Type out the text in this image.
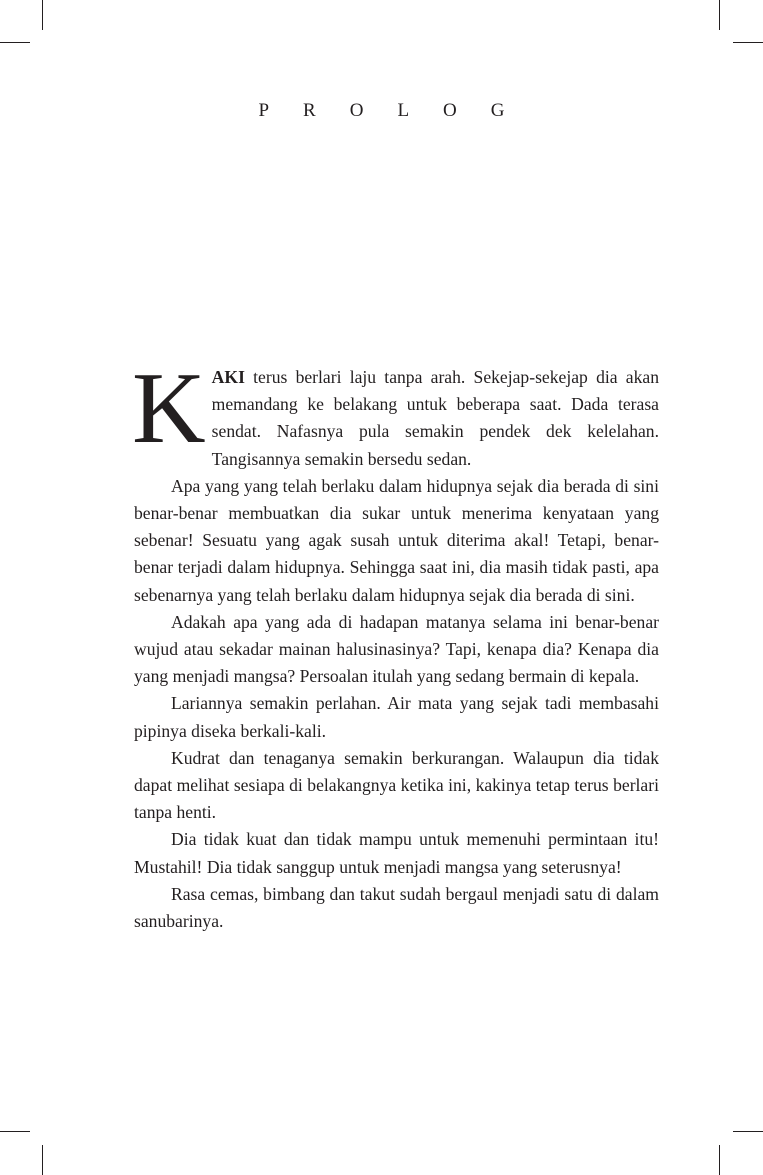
PROLOG

KAKI terus berlari laju tanpa arah. Sekejap-sekejap dia akan memandang ke belakang untuk beberapa saat. Dada terasa sendat. Nafasnya pula semakin pendek dek kelelahan. Tangisannya semakin bersedu sedan.

Apa yang yang telah berlaku dalam hidupnya sejak dia berada di sini benar-benar membuatkan dia sukar untuk menerima kenyataan yang sebenar! Sesuatu yang agak susah untuk diterima akal! Tetapi, benar-benar terjadi dalam hidupnya. Sehingga saat ini, dia masih tidak pasti, apa sebenarnya yang telah berlaku dalam hidupnya sejak dia berada di sini.

Adakah apa yang ada di hadapan matanya selama ini benar-benar wujud atau sekadar mainan halusinasinya? Tapi, kenapa dia? Kenapa dia yang menjadi mangsa? Persoalan itulah yang sedang bermain di kepala.

Lariannya semakin perlahan. Air mata yang sejak tadi membasahi pipinya diseka berkali-kali.

Kudrat dan tenaganya semakin berkurangan. Walaupun dia tidak dapat melihat sesiapa di belakangnya ketika ini, kakinya tetap terus berlari tanpa henti.

Dia tidak kuat dan tidak mampu untuk memenuhi permintaan itu! Mustahil! Dia tidak sanggup untuk menjadi mangsa yang seterusnya!

Rasa cemas, bimbang dan takut sudah bergaul menjadi satu di dalam sanubarinya.
